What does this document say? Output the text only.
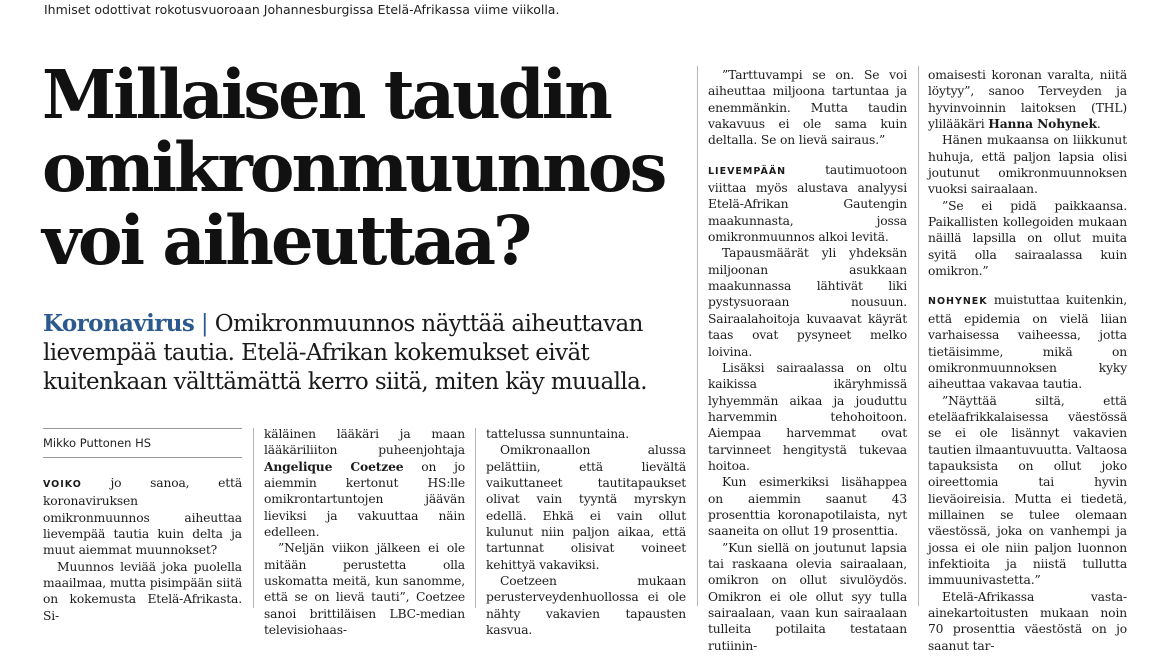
Ihmiset odottivat rokotusvuoroaan Johannesburgissa Etelä-Afrikassa viime viikolla.
Millaisen taudin
omikronmuunnos
voi aiheuttaa?
Koronavirus | Omikronmuunnos näyttää aiheuttavan
lievempää tautia. Etelä-Afrikan kokemukset eivät
kuitenkaan välttämättä kerro siitä, miten käy muualla.
Mikko Puttonen HS

VOIKO jo sanoa, että koronaviruksen omikronmuunnos aiheuttaa lievempää tautia kuin delta ja muut aiemmat muunnokset?

Muunnos leviää joka puolella maailmaa, mutta pisimpään siitä on kokemusta Etelä-Afrikasta. Si-

käläinen lääkäri ja maan lääkäriliiton puheenjohtaja Angelique Coetzee on jo aiemmin kertonut HS:lle omikrontartuntojen jäävän lieviksi ja vakuuttaa näin edelleen.

”Neljän viikon jälkeen ei ole mitään perustetta olla uskomatta meitä, kun sanomme, että se on lievä tauti”, Coetzee sanoi brittiläisen LBC-median televisiohaas-

tattelussa sunnuntaina.

Omikronaallon alussa pelättiin, että lievältä vaikuttaneet tautitapaukset olivat vain tyyntä myrskyn edellä. Ehkä ei vain ollut kulunut niin paljon aikaa, että tartunnat olisivat voineet kehittyä vakaviksi.

Coetzeen mukaan perusterveydenhuollossa ei ole nähty vakavien tapausten kasvua.

”Tarttuvampi se on. Se voi aiheuttaa miljoona tartuntaa ja enemmänkin. Mutta taudin vakavuus ei ole sama kuin deltalla. Se on lievä sairaus.”

LIEVEMPÄÄN tautimuotoon viittaa myös alustava analyysi Etelä-Afrikan Gautengin maakunnasta, jossa omikronmuunnos alkoi levitä.

Tapausmäärät yli yhdeksän miljoonan asukkaan maakunnassa lähtivät liki pystysuoraan nousuun. Sairaalahoitoja kuvaavat käyrät taas ovat pysyneet melko loivina.

Lisäksi sairaalassa on oltu kaikissa ikäryhmissä lyhyemmän aikaa ja jouduttu harvemmin tehohoitoon. Aiempaa harvemmat ovat tarvinneet hengitystä tukevaa hoitoa.

Kun esimerkiksi lisähappea on aiemmin saanut 43 prosenttia koronapotilaista, nyt saaneita on ollut 19 prosenttia.

”Kun siellä on joutunut lapsia tai raskaana olevia sairaalaan, omikron on ollut sivulöydös. Omikron ei ole ollut syy tulla sairaalaan, vaan kun sairaalaan tulleita potilaita testataan rutiinin-

omaisesti koronan varalta, niitä löytyy”, sanoo Terveyden ja hyvinvoinnin laitoksen (THL) ylilääkäri Hanna Nohynek.

Hänen mukaansa on liikkunut huhuja, että paljon lapsia olisi joutunut omikronmuunnoksen vuoksi sairaalaan.

”Se ei pidä paikkaansa. Paikallisten kollegoiden mukaan näillä lapsilla on ollut muita syitä olla sairaalassa kuin omikron.”

NOHYNEK muistuttaa kuitenkin, että epidemia on vielä liian varhaisessa vaiheessa, jotta tietäisimme, mikä on omikronmuunnoksen kyky aiheuttaa vakavaa tautia.

”Näyttää siltä, että eteläafrikkalaisessa väestössä se ei ole lisännyt vakavien tautien ilmaantuvuutta. Valtaosa tapauksista on ollut joko oireettomia tai hyvin lieväoireisia. Mutta ei tiedetä, millainen se tulee olemaan väestössä, joka on vanhempi ja jossa ei ole niin paljon luonnon infektioita ja niistä tullutta immuunivastetta.”

Etelä-Afrikassa vasta-ainekartoitusten mukaan noin 70 prosenttia väestöstä on jo saanut tar-
